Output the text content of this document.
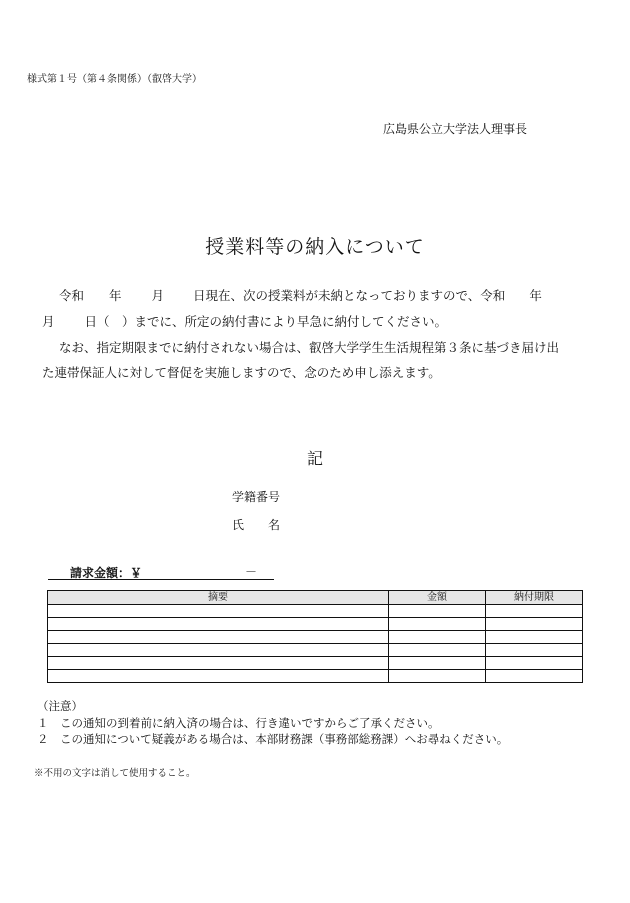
様式第１号（第４条関係）（叡啓大学）
広島県公立大学法人理事長
授業料等の納入について
令和 年 月 日現在、次の授業料が未納となっておりますので、令和 年
月 日（　）までに、所定の納付書により早急に納付してください。
なお、指定期限までに納付されない場合は、叡啓大学学生生活規程第３条に基づき届け出
た連帯保証人に対して督促を実施しますので、念のため申し添えます。
記
学籍番号
氏　　名
請求金額：￥	－
摘要	金額	納付期限

（注意）
１　この通知の到着前に納入済の場合は、行き違いですからご了承ください。
２　この通知について疑義がある場合は、本部財務課（事務部総務課）へお尋ねください。
※不用の文字は消して使用すること。
